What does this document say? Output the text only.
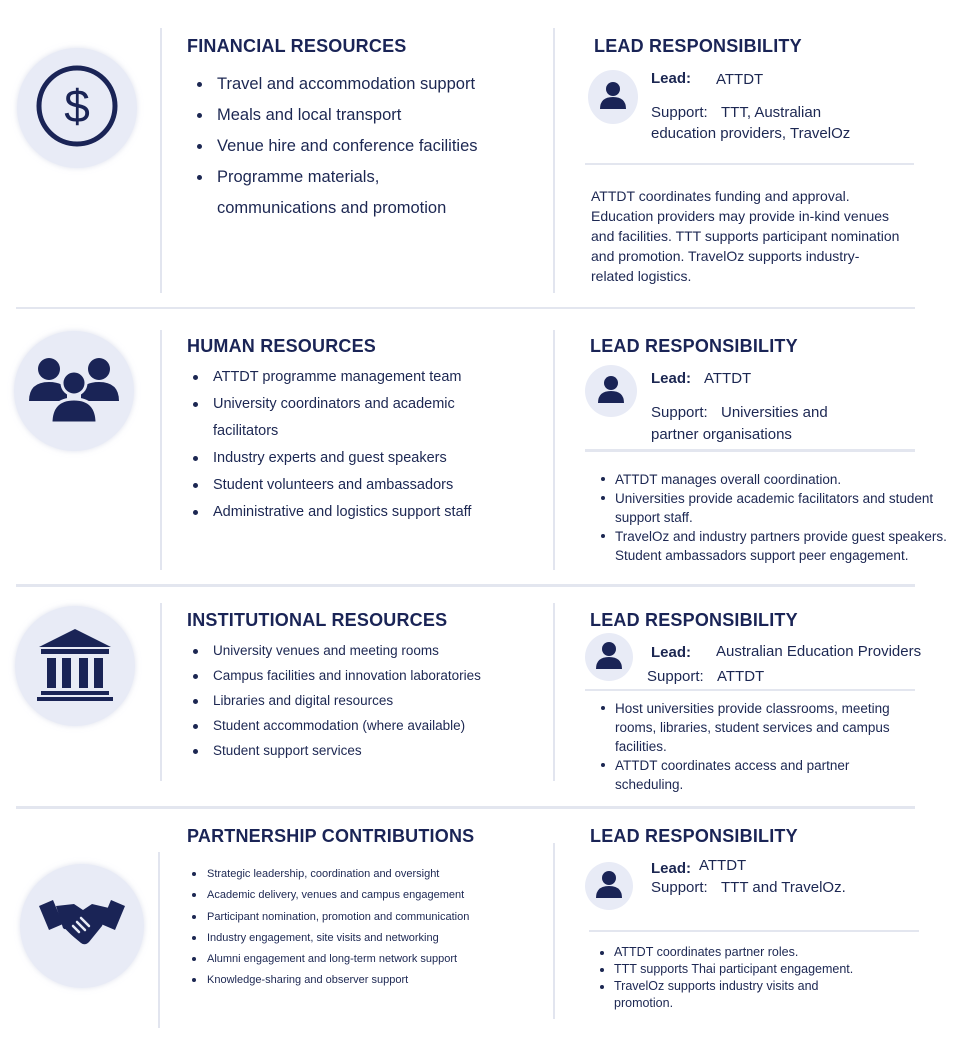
$
FINANCIAL RESOURCES
Travel and accommodation support
Meals and local transport
Venue hire and conference facilities
Programme materials,
communications and promotion
LEAD RESPONSIBILITY
Lead: ATTDT
Support: TTT, Australian
education providers, TravelOz
ATTDT coordinates funding and approval. Education providers may provide in-kind venues and facilities. TTT supports participant nomination and promotion. TravelOz supports industry-related logistics.
HUMAN RESOURCES
ATTDT programme management team
University coordinators and academic
facilitators
Industry experts and guest speakers
Student volunteers and ambassadors
Administrative and logistics support staff
LEAD RESPONSIBILITY
Lead: ATTDT
Support: Universities and
partner organisations
ATTDT manages overall coordination.
Universities provide academic facilitators and student support staff.
TravelOz and industry partners provide guest speakers. Student ambassadors support peer engagement.
INSTITUTIONAL RESOURCES
University venues and meeting rooms
Campus facilities and innovation laboratories
Libraries and digital resources
Student accommodation (where available)
Student support services
LEAD RESPONSIBILITY
Lead: Australian Education Providers
Support: ATTDT
Host universities provide classrooms, meeting rooms, libraries, student services and campus facilities.
ATTDT coordinates access and partner scheduling.
PARTNERSHIP CONTRIBUTIONS
Strategic leadership, coordination and oversight
Academic delivery, venues and campus engagement
Participant nomination, promotion and communication
Industry engagement, site visits and networking
Alumni engagement and long-term network support
Knowledge-sharing and observer support
LEAD RESPONSIBILITY
Lead: ATTDT
Support: TTT and TravelOz.
ATTDT coordinates partner roles.
TTT supports Thai participant engagement.
TravelOz supports industry visits and promotion.
